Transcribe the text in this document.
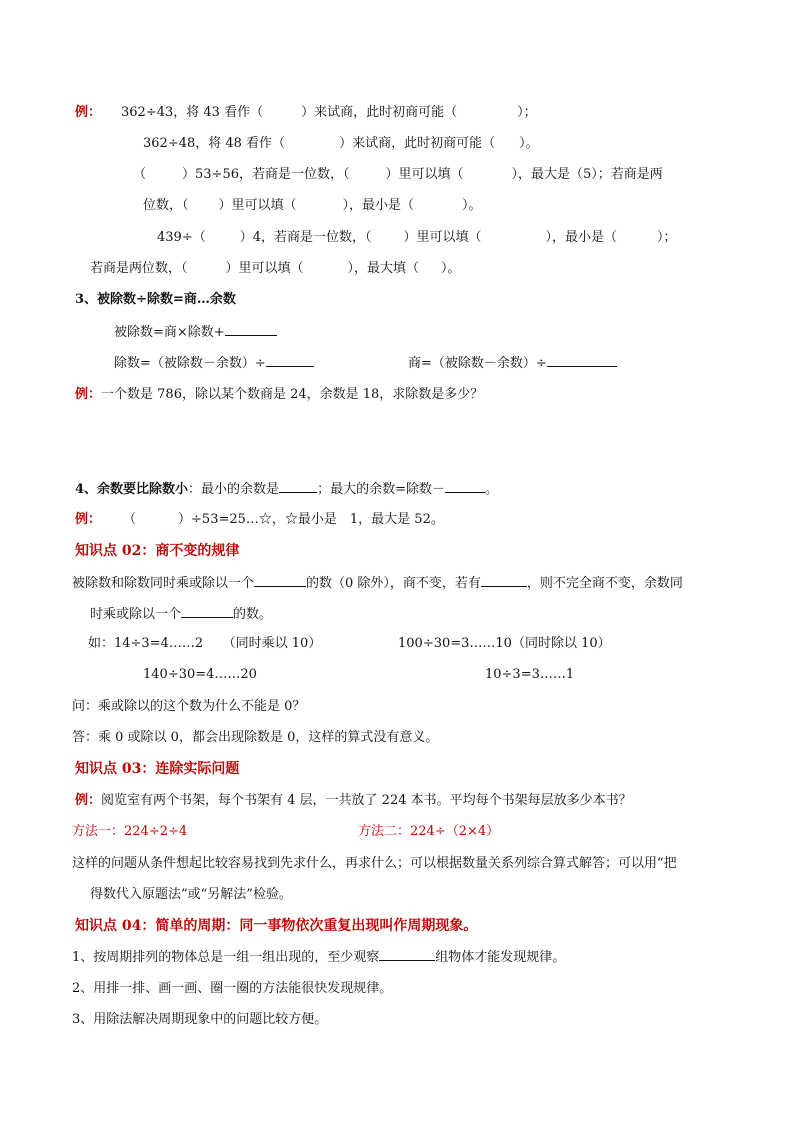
例： 362÷43，将 43 看作（	）来试商，此时初商可能（	）；
362÷48，将 48 看作（	）来试商，此时初商可能（ ）。
（	）53÷56，若商是一位数，（	）里可以填（	），最大是（5）；若商是两
位数，（ ）里可以填（	），最小是（	）。
439÷（	）4，若商是一位数，（ ）里可以填（	），最小是（	）；
若商是两位数，（	）里可以填（	），最大填（ ）。
3、被除数÷除数=商…余数
被除数=商×除数+
除数=（被除数－余数）÷	商=（被除数－余数）÷
例：一个数是 786，除以某个数商是 24，余数是 18，求除数是多少？
4、余数要比除数小：最小的余数是	；最大的余数=除数－	。
例： （	）÷53=25…☆，☆最小是　1，最大是 52。
知识点 02：商不变的规律
被除数和除数同时乘或除以一个	的数（0 除外），商不变，若有	，则不完全商不变，余数同
时乘或除以一个	的数。
如：14÷3=4……2　　（同时乘以 10）	100÷30=3……10（同时除以 10）
140÷30=4……20	10÷3=3……1
问：乘或除以的这个数为什么不能是 0？
答：乘 0 或除以 0，都会出现除数是 0，这样的算式没有意义。
知识点 03：连除实际问题
例：阅览室有两个书架，每个书架有 4 层，一共放了 224 本书。平均每个书架每层放多少本书？
方法一：224÷2÷4	方法二：224÷（2×4）
这样的问题从条件想起比较容易找到先求什么，再求什么；可以根据数量关系列综合算式解答；可以用“把
得数代入原题法”或“另解法”检验。
知识点 04：简单的周期：同一事物依次重复出现叫作周期现象。
1、按周期排列的物体总是一组一组出现的，至少观察	组物体才能发现规律。
2、用排一排、画一画、圈一圈的方法能很快发现规律。
3、用除法解决周期现象中的问题比较方便。
